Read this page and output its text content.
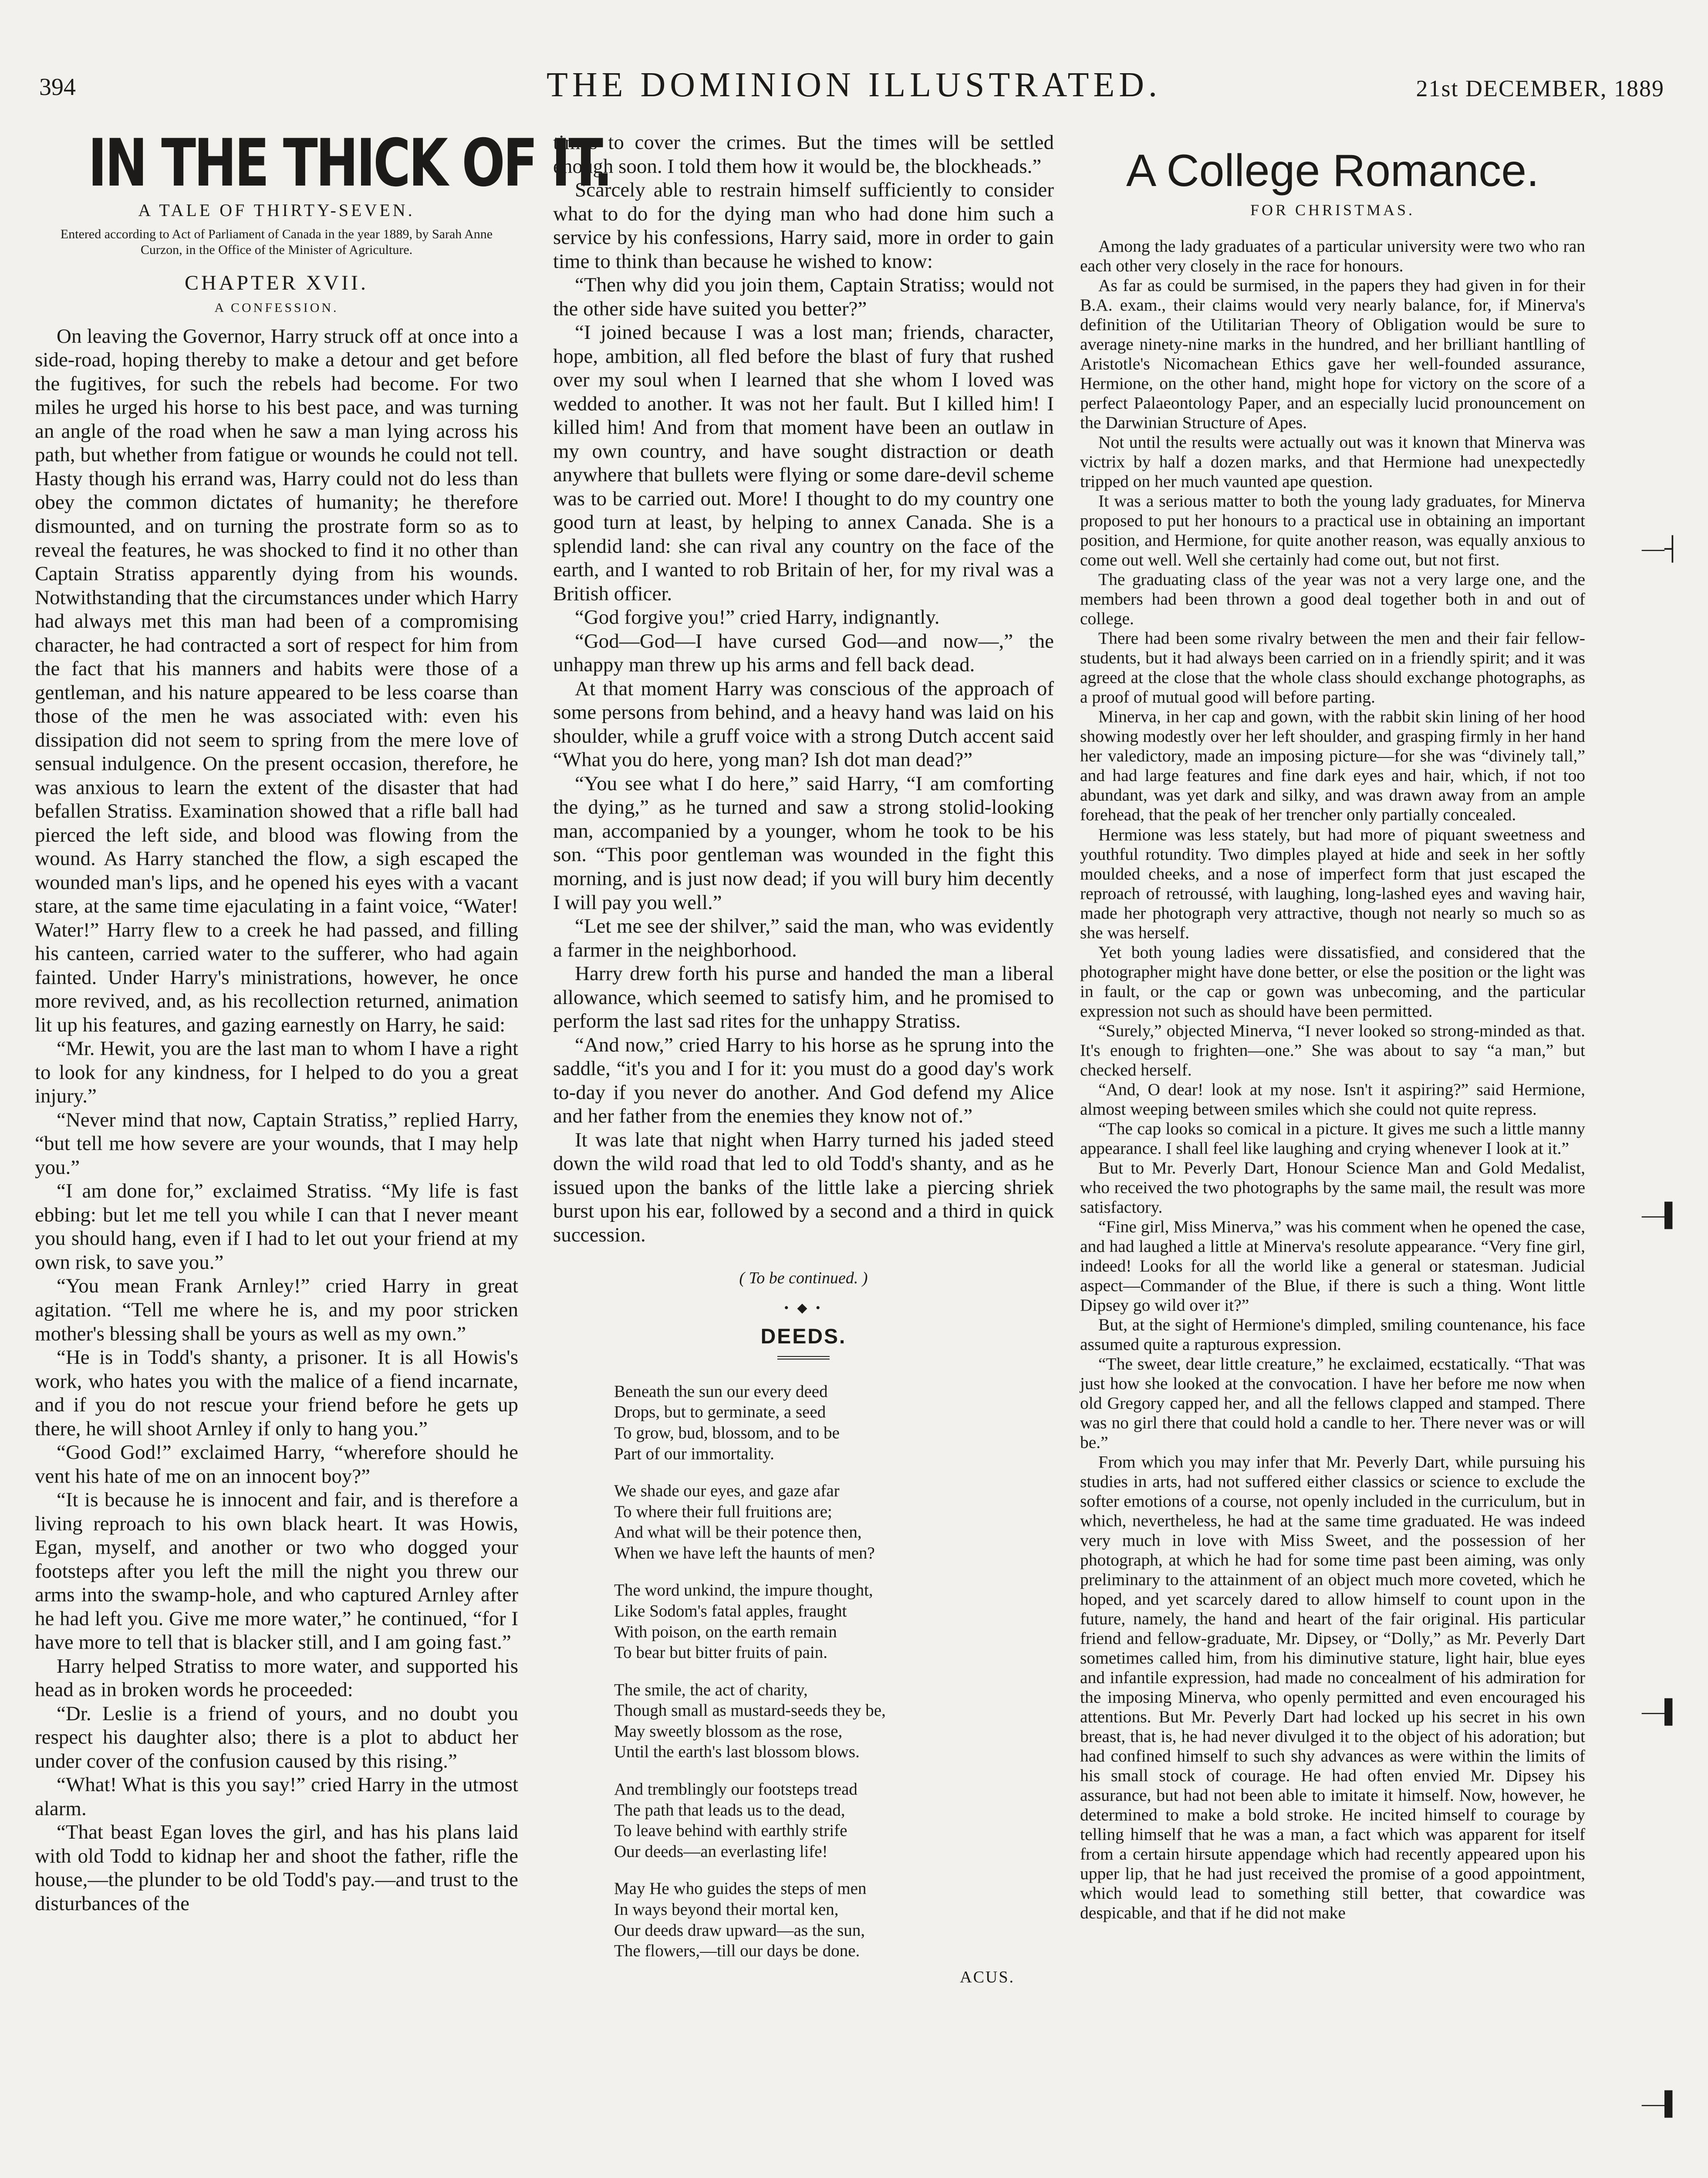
394	THE DOMINION ILLUSTRATED.	21st DECEMBER, 1889
IN THE THICK OF IT.
A TALE OF THIRTY-SEVEN.
Entered according to Act of Parliament of Canada in the year 1889, by Sarah Anne Curzon, in the Office of the Minister of Agriculture.
CHAPTER XVII.
A CONFESSION.

On leaving the Governor, Harry struck off at once into a side-road, hoping thereby to make a detour and get before the fugitives, for such the rebels had become. For two miles he urged his horse to his best pace, and was turning an angle of the road when he saw a man lying across his path, but whether from fatigue or wounds he could not tell. Hasty though his errand was, Harry could not do less than obey the common dictates of humanity; he therefore dismounted, and on turning the prostrate form so as to reveal the features, he was shocked to find it no other than Captain Stratiss apparently dying from his wounds. Notwithstanding that the circumstances under which Harry had always met this man had been of a compromising character, he had contracted a sort of respect for him from the fact that his manners and habits were those of a gentleman, and his nature appeared to be less coarse than those of the men he was associated with: even his dissipation did not seem to spring from the mere love of sensual indulgence. On the present occasion, therefore, he was anxious to learn the extent of the disaster that had befallen Stratiss. Examination showed that a rifle ball had pierced the left side, and blood was flowing from the wound. As Harry stanched the flow, a sigh escaped the wounded man's lips, and he opened his eyes with a vacant stare, at the same time ejaculating in a faint voice, “Water! Water!” Harry flew to a creek he had passed, and filling his canteen, carried water to the sufferer, who had again fainted. Under Harry's ministrations, however, he once more revived, and, as his recollection returned, animation lit up his features, and gazing earnestly on Harry, he said:

“Mr. Hewit, you are the last man to whom I have a right to look for any kindness, for I helped to do you a great injury.”

“Never mind that now, Captain Stratiss,” replied Harry, “but tell me how severe are your wounds, that I may help you.”

“I am done for,” exclaimed Stratiss. “My life is fast ebbing: but let me tell you while I can that I never meant you should hang, even if I had to let out your friend at my own risk, to save you.”

“You mean Frank Arnley!” cried Harry in great agitation. “Tell me where he is, and my poor stricken mother's blessing shall be yours as well as my own.”

“He is in Todd's shanty, a prisoner. It is all Howis's work, who hates you with the malice of a fiend incarnate, and if you do not rescue your friend before he gets up there, he will shoot Arnley if only to hang you.”

“Good God!” exclaimed Harry, “wherefore should he vent his hate of me on an innocent boy?”

“It is because he is innocent and fair, and is therefore a living reproach to his own black heart. It was Howis, Egan, myself, and another or two who dogged your footsteps after you left the mill the night you threw our arms into the swamp-hole, and who captured Arnley after he had left you. Give me more water,” he continued, “for I have more to tell that is blacker still, and I am going fast.”

Harry helped Stratiss to more water, and supported his head as in broken words he proceeded:

“Dr. Leslie is a friend of yours, and no doubt you respect his daughter also; there is a plot to abduct her under cover of the confusion caused by this rising.”

“What! What is this you say!” cried Harry in the utmost alarm.

“That beast Egan loves the girl, and has his plans laid with old Todd to kidnap her and shoot the father, rifle the house,—the plunder to be old Todd's pay.—and trust to the disturbances of the

times to cover the crimes. But the times will be settled enough soon. I told them how it would be, the blockheads.”

Scarcely able to restrain himself sufficiently to consider what to do for the dying man who had done him such a service by his confessions, Harry said, more in order to gain time to think than because he wished to know:

“Then why did you join them, Captain Stratiss; would not the other side have suited you better?”

“I joined because I was a lost man; friends, character, hope, ambition, all fled before the blast of fury that rushed over my soul when I learned that she whom I loved was wedded to another. It was not her fault. But I killed him! I killed him! And from that moment have been an outlaw in my own country, and have sought distraction or death anywhere that bullets were flying or some dare-devil scheme was to be carried out. More! I thought to do my country one good turn at least, by helping to annex Canada. She is a splendid land: she can rival any country on the face of the earth, and I wanted to rob Britain of her, for my rival was a British officer.

“God forgive you!” cried Harry, indignantly.

“God—God—I have cursed God—and now—,” the unhappy man threw up his arms and fell back dead.

At that moment Harry was conscious of the approach of some persons from behind, and a heavy hand was laid on his shoulder, while a gruff voice with a strong Dutch accent said “What you do here, yong man? Ish dot man dead?”

“You see what I do here,” said Harry, “I am comforting the dying,” as he turned and saw a strong stolid-looking man, accompanied by a younger, whom he took to be his son. “This poor gentleman was wounded in the fight this morning, and is just now dead; if you will bury him decently I will pay you well.”

“Let me see der shilver,” said the man, who was evidently a farmer in the neighborhood.

Harry drew forth his purse and handed the man a liberal allowance, which seemed to satisfy him, and he promised to perform the last sad rites for the unhappy Stratiss.

“And now,” cried Harry to his horse as he sprung into the saddle, “it's you and I for it: you must do a good day's work to-day if you never do another. And God defend my Alice and her father from the enemies they know not of.”

It was late that night when Harry turned his jaded steed down the wild road that led to old Todd's shanty, and as he issued upon the banks of the little lake a piercing shriek burst upon his ear, followed by a second and a third in quick succession.

( To be continued. )
• ◆ •
DEEDS.
Beneath the sun our every deed
Drops, but to germinate, a seed
To grow, bud, blossom, and to be
Part of our immortality.
We shade our eyes, and gaze afar
To where their full fruitions are;
And what will be their potence then,
When we have left the haunts of men?
The word unkind, the impure thought,
Like Sodom's fatal apples, fraught
With poison, on the earth remain
To bear but bitter fruits of pain.
The smile, the act of charity,
Though small as mustard-seeds they be,
May sweetly blossom as the rose,
Until the earth's last blossom blows.
And tremblingly our footsteps tread
The path that leads us to the dead,
To leave behind with earthly strife
Our deeds—an everlasting life!
May He who guides the steps of men
In ways beyond their mortal ken,
Our deeds draw upward—as the sun,
The flowers,—till our days be done.
ACUS.
A College Romance.
FOR CHRISTMAS.

Among the lady graduates of a particular university were two who ran each other very closely in the race for honours.

As far as could be surmised, in the papers they had given in for their B.A. exam., their claims would very nearly balance, for, if Minerva's definition of the Utilitarian Theory of Obligation would be sure to average ninety-nine marks in the hundred, and her brilliant hantlling of Aristotle's Nicomachean Ethics gave her well-founded assurance, Hermione, on the other hand, might hope for victory on the score of a perfect Palaeontology Paper, and an especially lucid pronouncement on the Darwinian Structure of Apes.

Not until the results were actually out was it known that Minerva was victrix by half a dozen marks, and that Hermione had unexpectedly tripped on her much vaunted ape question.

It was a serious matter to both the young lady graduates, for Minerva proposed to put her honours to a practical use in obtaining an important position, and Hermione, for quite another reason, was equally anxious to come out well. Well she certainly had come out, but not first.

The graduating class of the year was not a very large one, and the members had been thrown a good deal together both in and out of college.

There had been some rivalry between the men and their fair fellow-students, but it had always been carried on in a friendly spirit; and it was agreed at the close that the whole class should exchange photographs, as a proof of mutual good will before parting.

Minerva, in her cap and gown, with the rabbit skin lining of her hood showing modestly over her left shoulder, and grasping firmly in her hand her valedictory, made an imposing picture—for she was “divinely tall,” and had large features and fine dark eyes and hair, which, if not too abundant, was yet dark and silky, and was drawn away from an ample forehead, that the peak of her trencher only partially concealed.

Hermione was less stately, but had more of piquant sweetness and youthful rotundity. Two dimples played at hide and seek in her softly moulded cheeks, and a nose of imperfect form that just escaped the reproach of retroussé, with laughing, long-lashed eyes and waving hair, made her photograph very attractive, though not nearly so much so as she was herself.

Yet both young ladies were dissatisfied, and considered that the photographer might have done better, or else the position or the light was in fault, or the cap or gown was unbecoming, and the particular expression not such as should have been permitted.

“Surely,” objected Minerva, “I never looked so strong-minded as that. It's enough to frighten—one.” She was about to say “a man,” but checked herself.

“And, O dear! look at my nose. Isn't it aspiring?” said Hermione, almost weeping between smiles which she could not quite repress.

“The cap looks so comical in a picture. It gives me such a little manny appearance. I shall feel like laughing and crying whenever I look at it.”

But to Mr. Peverly Dart, Honour Science Man and Gold Medalist, who received the two photographs by the same mail, the result was more satisfactory.

“Fine girl, Miss Minerva,” was his comment when he opened the case, and had laughed a little at Minerva's resolute appearance. “Very fine girl, indeed! Looks for all the world like a general or statesman. Judicial aspect—Commander of the Blue, if there is such a thing. Wont little Dipsey go wild over it?”

But, at the sight of Hermione's dimpled, smiling countenance, his face assumed quite a rapturous expression.

“The sweet, dear little creature,” he exclaimed, ecstatically. “That was just how she looked at the convocation. I have her before me now when old Gregory capped her, and all the fellows clapped and stamped. There was no girl there that could hold a candle to her. There never was or will be.”

From which you may infer that Mr. Peverly Dart, while pursuing his studies in arts, had not suffered either classics or science to exclude the softer emotions of a course, not openly included in the curriculum, but in which, nevertheless, he had at the same time graduated. He was indeed very much in love with Miss Sweet, and the possession of her photograph, at which he had for some time past been aiming, was only preliminary to the attainment of an object much more coveted, which he hoped, and yet scarcely dared to allow himself to count upon in the future, namely, the hand and heart of the fair original. His particular friend and fellow-graduate, Mr. Dipsey, or “Dolly,” as Mr. Peverly Dart sometimes called him, from his diminutive stature, light hair, blue eyes and infantile expression, had made no concealment of his admiration for the imposing Minerva, who openly permitted and even encouraged his attentions. But Mr. Peverly Dart had locked up his secret in his own breast, that is, he had never divulged it to the object of his adoration; but had confined himself to such shy advances as were within the limits of his small stock of courage. He had often envied Mr. Dipsey his assurance, but had not been able to imitate it himself. Now, however, he determined to make a bold stroke. He incited himself to courage by telling himself that he was a man, a fact which was apparent for itself from a certain hirsute appendage which had recently appeared upon his upper lip, that he had just received the promise of a good appointment, which would lead to something still better, that cowardice was despicable, and that if he did not make

—┤
—▌
—▌
—▌
